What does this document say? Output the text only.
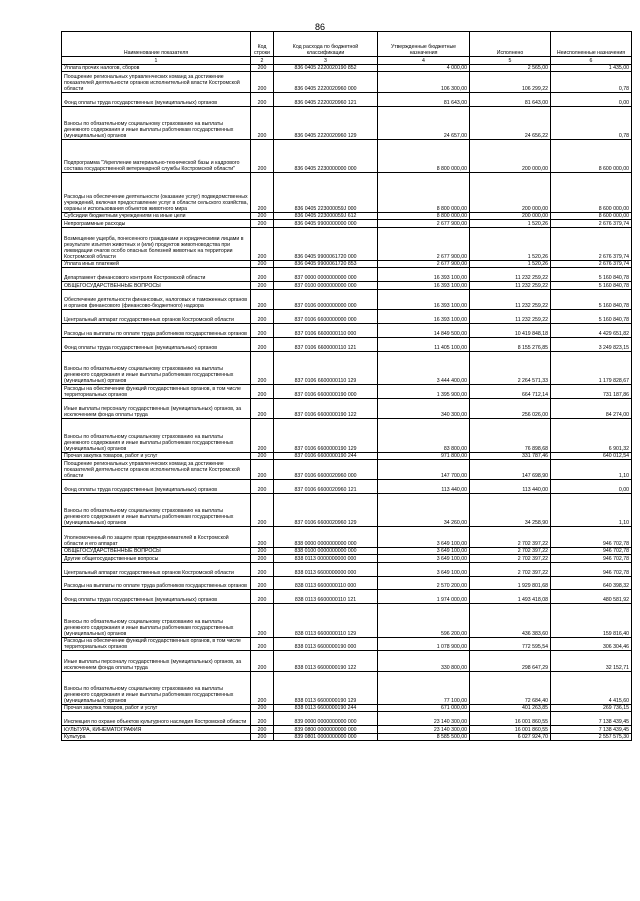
86
Наименование показателя	Код строки	Код расхода по бюджетной классификации	Утвержденные бюджетные назначения	Исполнено	Неисполненные назначения
1	2	3	4	5	6
Уплата прочих налогов, сборов	200	836 0405 2220020190 852	4 000,00	2 565,00	1 435,00
Поощрение региональных управленческих команд за достижение показателей деятельности органов исполнительной власти Костромской области	200	836 0405 2220020960 000	106 300,00	106 299,22	0,78
Фонд оплаты труда государственных (муниципальных) органов	200	836 0405 2220020960 121	81 643,00	81 643,00	0,00
Взносы по обязательному социальному страхованию на выплаты денежного содержания и иные выплаты работникам государственных (муниципальных) органов	200	836 0405 2220020960 129	24 657,00	24 656,22	0,78
Подпрограмма "Укрепление материально-технической базы и кадрового состава государственной ветеринарной службы Костромской области"	200	836 0405 2230000000 000	8 800 000,00	200 000,00	8 600 000,00
Расходы на обеспечение деятельности (оказание услуг) подведомственных учреждений, включая предоставление услуг в области сельского хозяйства, охраны и использования объектов животного мира	200	836 0405 223000059J 000	8 800 000,00	200 000,00	8 600 000,00
Субсидии бюджетным учреждениям на иные цели	200	836 0405 223000059J 612	8 800 000,00	200 000,00	8 600 000,00
Непрограммные расходы	200	836 0405 9900000000 000	2 677 900,00	1 520,26	2 676 379,74
Возмещение ущерба, понесенного гражданами и юридическими лицами в результате изъятия животных и (или) продуктов животноводства при ликвидации очагов особо опасных болезней животных на территории Костромской области	200	836 0405 9900061720 000	2 677 900,00	1 520,26	2 676 379,74
Уплата иных платежей	200	836 0405 9900061720 853	2 677 900,00	1 520,26	2 676 379,74
Департамент финансового контроля Костромской области	200	837 0000 0000000000 000	16 393 100,00	11 232 259,22	5 160 840,78
ОБЩЕГОСУДАРСТВЕННЫЕ ВОПРОСЫ	200	837 0100 0000000000 000	16 393 100,00	11 232 259,22	5 160 840,78
Обеспечение деятельности финансовых, налоговых и таможенных органов и органов финансового (финансово-бюджетного) надзора	200	837 0106 0000000000 000	16 393 100,00	11 232 259,22	5 160 840,78
Центральный аппарат государственных органов Костромской области	200	837 0106 6600000000 000	16 393 100,00	11 232 259,22	5 160 840,78
Расходы на выплаты по оплате труда работников государственных органов	200	837 0106 6600000110 000	14 849 500,00	10 419 848,18	4 429 651,82
Фонд оплаты труда государственных (муниципальных) органов	200	837 0106 6600000110 121	11 405 100,00	8 155 276,85	3 249 823,15
Взносы по обязательному социальному страхованию на выплаты денежного содержания и иные выплаты работникам государственных (муниципальных) органов	200	837 0106 6600000110 129	3 444 400,00	2 264 571,33	1 179 828,67
Расходы на обеспечение функций государственных органов, в том числе территориальных органов	200	837 0106 6600000190 000	1 395 900,00	664 712,14	731 187,86
Иные выплаты персоналу государственных (муниципальных) органов, за исключением фонда оплаты труда	200	837 0106 6600000190 122	340 300,00	256 026,00	84 274,00
Взносы по обязательному социальному страхованию на выплаты денежного содержания и иные выплаты работникам государственных (муниципальных) органов	200	837 0106 6600000190 129	83 800,00	76 898,68	6 901,32
Прочая закупка товаров, работ и услуг	200	837 0106 6600000190 244	971 800,00	331 787,46	640 012,54
Поощрение региональных управленческих команд за достижение показателей деятельности органов исполнительной власти Костромской области	200	837 0106 6600020960 000	147 700,00	147 698,90	1,10
Фонд оплаты труда государственных (муниципальных) органов	200	837 0106 6600020960 121	113 440,00	113 440,00	0,00
Взносы по обязательному социальному страхованию на выплаты денежного содержания и иные выплаты работникам государственных (муниципальных) органов	200	837 0106 6600020960 129	34 260,00	34 258,90	1,10
Уполномоченный по защите прав предпринимателей в Костромской области и его аппарат	200	838 0000 0000000000 000	3 649 100,00	2 702 397,22	946 702,78
ОБЩЕГОСУДАРСТВЕННЫЕ ВОПРОСЫ	200	838 0100 0000000000 000	3 649 100,00	2 702 397,22	946 702,78
Другие общегосударственные вопросы	200	838 0113 0000000000 000	3 649 100,00	2 702 397,22	946 702,78
Центральный аппарат государственных органов Костромской области	200	838 0113 6600000000 000	3 649 100,00	2 702 397,22	946 702,78
Расходы на выплаты по оплате труда работников государственных органов	200	838 0113 6600000110 000	2 570 200,00	1 929 801,68	640 398,32
Фонд оплаты труда государственных (муниципальных) органов	200	838 0113 6600000110 121	1 974 000,00	1 493 418,08	480 581,92
Взносы по обязательному социальному страхованию на выплаты денежного содержания и иные выплаты работникам государственных (муниципальных) органов	200	838 0113 6600000110 129	596 200,00	436 383,60	159 816,40
Расходы на обеспечение функций государственных органов, в том числе территориальных органов	200	838 0113 6600000190 000	1 078 900,00	772 595,54	306 304,46
Иные выплаты персоналу государственных (муниципальных) органов, за исключением фонда оплаты труда	200	838 0113 6600000190 122	330 800,00	298 647,29	32 152,71
Взносы по обязательному социальному страхованию на выплаты денежного содержания и иные выплаты работникам государственных (муниципальных) органов	200	838 0113 6600000190 129	77 100,00	72 684,40	4 415,60
Прочая закупка товаров, работ и услуг	200	838 0113 6600000190 244	671 000,00	401 263,85	269 736,15
Инспекция по охране объектов культурного наследия Костромской области	200	839 0000 0000000000 000	23 140 300,00	16 001 860,55	7 138 439,45
КУЛЬТУРА, КИНЕМАТОГРАФИЯ	200	839 0800 0000000000 000	23 140 300,00	16 001 860,55	7 138 439,45
Культура	200	839 0801 0000000000 000	8 585 500,00	6 027 924,70	2 557 575,30
